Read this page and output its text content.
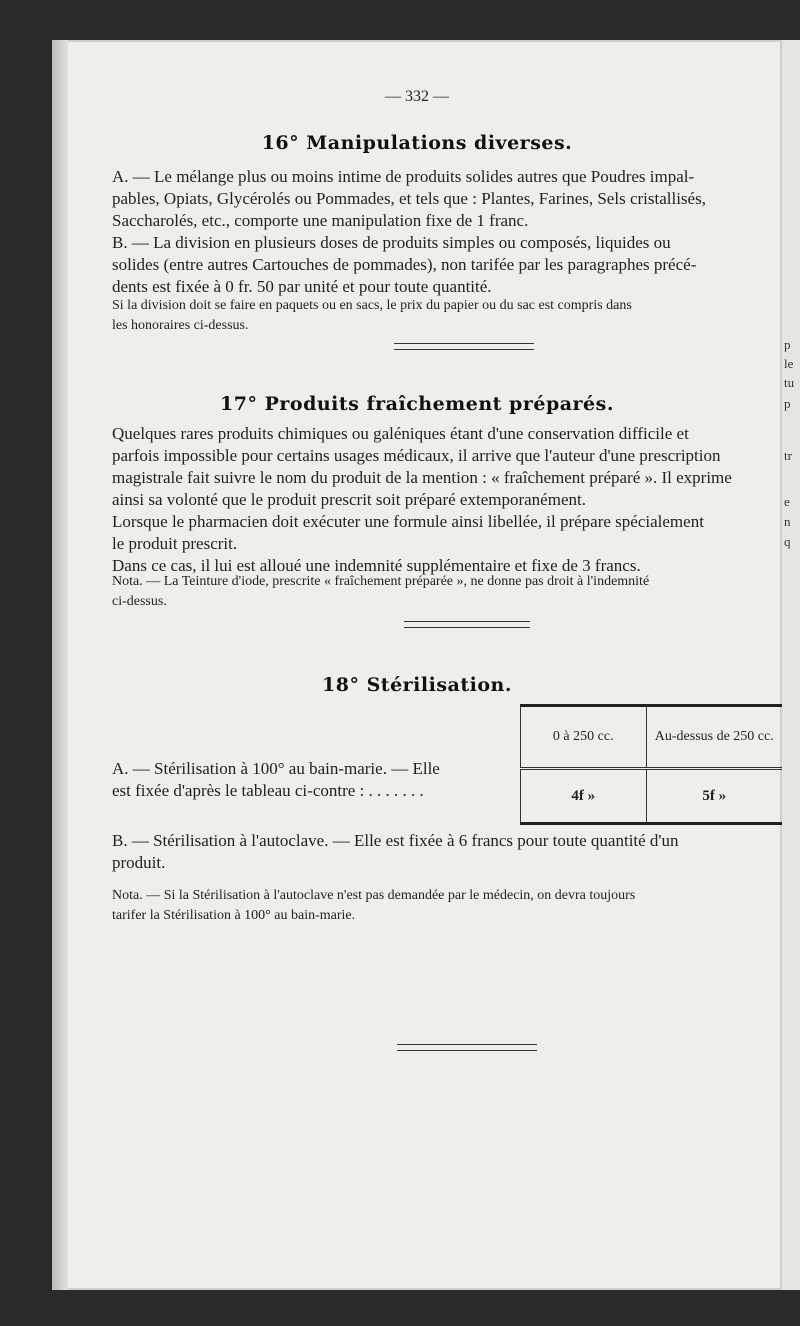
— 332 —
16° Manipulations diverses.
A. — Le mélange plus ou moins intime de produits solides autres que Poudres impal-
pables, Opiats, Glycérolés ou Pommades, et tels que : Plantes, Farines, Sels cristallisés,
Saccharolés, etc., comporte une manipulation fixe de 1 franc.
B. — La division en plusieurs doses de produits simples ou composés, liquides ou
solides (entre autres Cartouches de pommades), non tarifée par les paragraphes précé-
dents est fixée à 0 fr. 50 par unité et pour toute quantité.
Si la division doit se faire en paquets ou en sacs, le prix du papier ou du sac est compris dans
les honoraires ci-dessus.
17° Produits fraîchement préparés.
Quelques rares produits chimiques ou galéniques étant d'une conservation difficile et
parfois impossible pour certains usages médicaux, il arrive que l'auteur d'une prescription
magistrale fait suivre le nom du produit de la mention : « fraîchement préparé ». Il exprime
ainsi sa volonté que le produit prescrit soit préparé extemporanément.
Lorsque le pharmacien doit exécuter une formule ainsi libellée, il prépare spécialement
le produit prescrit.
Dans ce cas, il lui est alloué une indemnité supplémentaire et fixe de 3 francs.
Nota. — La Teinture d'iode, prescrite « fraîchement préparée », ne donne pas droit à l'indemnité
ci-dessus.
18° Stérilisation.
A. — Stérilisation à 100° au bain-marie. — Elle
est fixée d'après le tableau ci-contre : . . . . . . .
0 à 250 cc.	Au-dessus de 250 cc.
4f »	5f »
B. — Stérilisation à l'autoclave. — Elle est fixée à 6 francs pour toute quantité d'un
produit.
Nota. — Si la Stérilisation à l'autoclave n'est pas demandée par le médecin, on devra toujours
tarifer la Stérilisation à 100° au bain-marie.
p
le
tu
p
tr
e
n
q
